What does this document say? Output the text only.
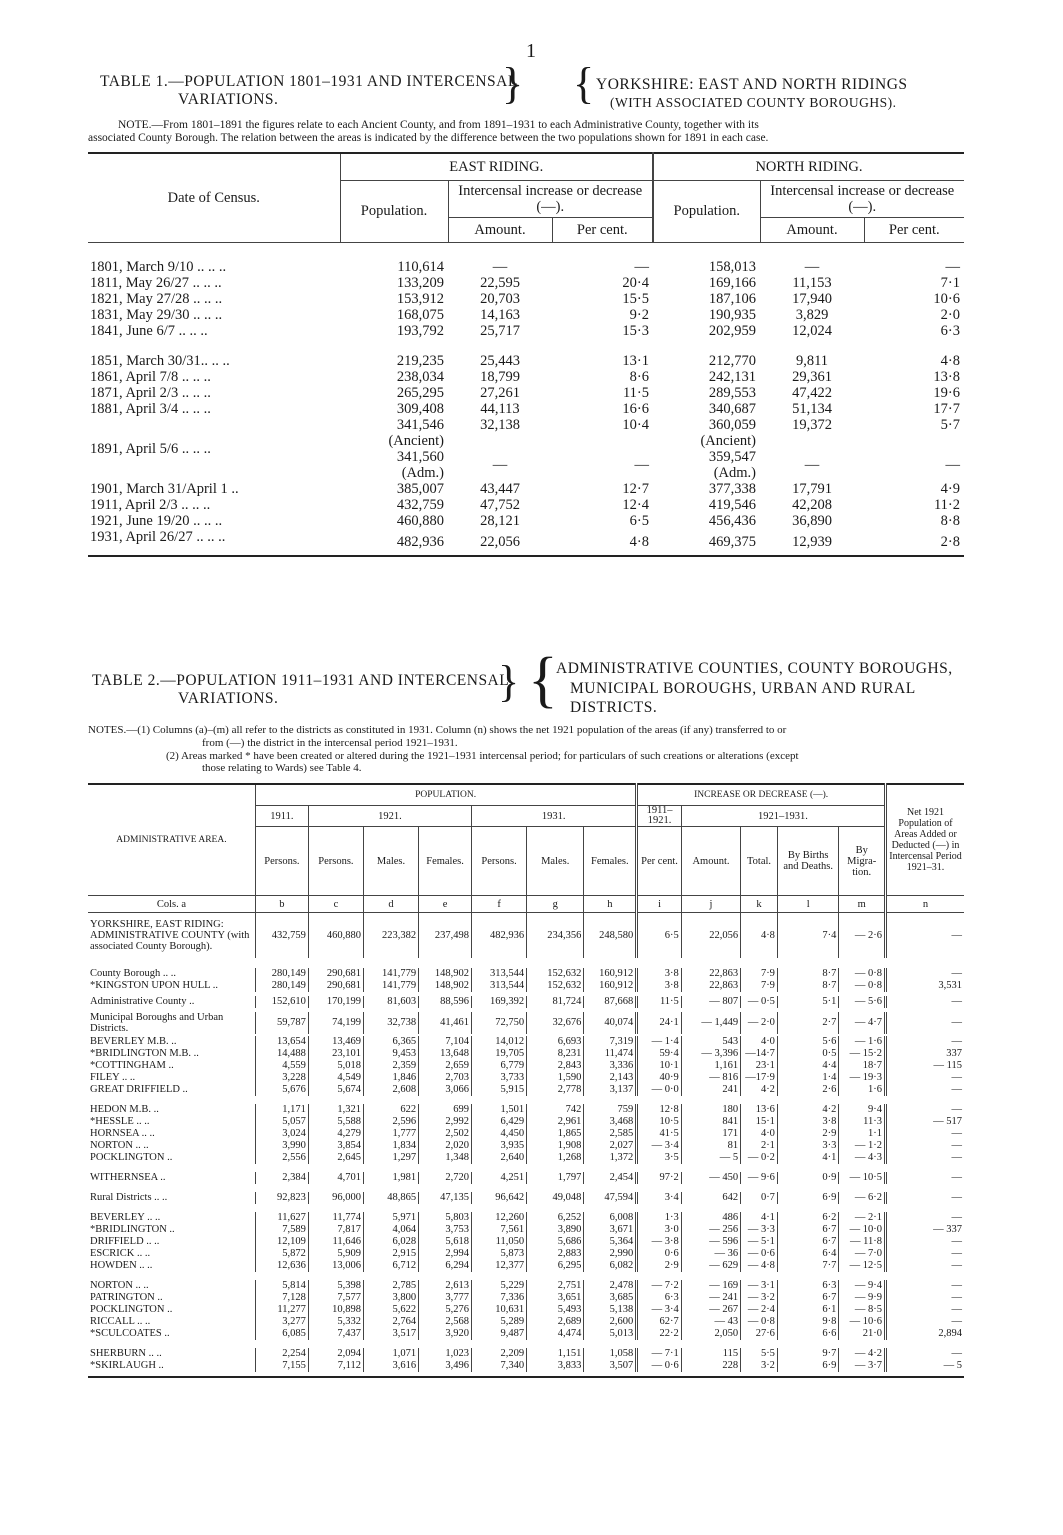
1
TABLE 1.—POPULATION 1801–1931 AND INTERCENSAL
VARIATIONS.	} { YORKSHIRE: EAST AND NORTH RIDINGS
(WITH ASSOCIATED COUNTY BOROUGHS).
NOTE.—From 1801–1891 the figures relate to each Ancient County, and from 1891–1931 to each Administrative County, together with its
associated County Borough. The relation between the areas is indicated by the difference between the two populations shown for 1891 in each case.
Date of Census.	EAST RIDING.			NORTH RIDING.		
	Population.	Intercensal increase or decrease (—).		Population.	Intercensal increase or decrease (—).	
		Amount.	Per cent.		Amount.	Per cent.

1801, March 9/10 .. .. ..	110,614	—	—	158,013	—	—
1811, May 26/27 .. .. ..	133,209	22,595	20·4	169,166	11,153	7·1
1821, May 27/28 .. .. ..	153,912	20,703	15·5	187,106	17,940	10·6
1831, May 29/30 .. .. ..	168,075	14,163	9·2	190,935	3,829	2·0
1841, June 6/7 .. .. ..	193,792	25,717	15·3	202,959	12,024	6·3

1851, March 30/31.. .. ..	219,235	25,443	13·1	212,770	9,811	4·8
1861, April 7/8 .. .. ..	238,034	18,799	8·6	242,131	29,361	13·8
1871, April 2/3 .. .. ..	265,295	27,261	11·5	289,553	47,422	19·6
1881, April 3/4 .. .. ..	309,408	44,113	16·6	340,687	51,134	17·7
1891, April 5/6 .. .. ..	341,546	32,138	10·4	360,059	19,372	5·7
	(Ancient)			(Ancient)		
	341,560	—	—	359,547	—	—
	(Adm.)			(Adm.)		
1901, March 31/April 1 ..	385,007	43,447	12·7	377,338	17,791	4·9
1911, April 2/3 .. .. ..	432,759	47,752	12·4	419,546	42,208	11·2
1921, June 19/20 .. .. ..	460,880	28,121	6·5	456,436	36,890	8·8
1931, April 26/27 .. .. ..	482,936	22,056	4·8	469,375	12,939	2·8
TABLE 2.—POPULATION 1911–1931 AND INTERCENSAL
VARIATIONS.	} {
ADMINISTRATIVE COUNTIES, COUNTY BOROUGHS,
MUNICIPAL BOROUGHS, URBAN AND RURAL
DISTRICTS.
NOTES.—(1) Columns (a)–(m) all refer to the districts as constituted in 1931. Column (n) shows the net 1921 population of the areas (if any) transferred to or
from (—) the district in the intercensal period 1921–1931.
(2) Areas marked * have been created or altered during the 1921–1931 intercensal period; for particulars of such creations or alterations (except
those relating to Wards) see Table 4.
ADMINISTRATIVE AREA.	POPULATION.							INCREASE OR DECREASE (—).					Net 1921 Population of Areas Added or Deducted (—) in Intercensal Period 1921–31.
	1911.	1921.			1931.			1911–1921.	1921–1931.				
	Persons.	Persons.	Males.	Females.	Persons.	Males.	Females.	Per cent.	Amount.	Total.	By Births and Deaths.	By Migra- tion.	
Cols. a	b	c	d	e	f	g	h	i	j	k	l	m	n
YORKSHIRE, EAST RIDING: ADMINISTRATIVE COUNTY (with associated County Borough).	432,759	460,880	223,382	237,498	482,936	234,356	248,580	6·5	22,056	4·8	7·4	— 2·6	—

County Borough .. ..	280,149	290,681	141,779	148,902	313,544	152,632	160,912	3·8	22,863	7·9	8·7	— 0·8	—
*KINGSTON UPON HULL ..	280,149	290,681	141,779	148,902	313,544	152,632	160,912	3·8	22,863	7·9	8·7	— 0·8	3,531

Administrative County ..	152,610	170,199	81,603	88,596	169,392	81,724	87,668	11·5	— 807	— 0·5	5·1	— 5·6	—

Municipal Boroughs and Urban Districts.	59,787	74,199	32,738	41,461	72,750	32,676	40,074	24·1	— 1,449	— 2·0	2·7	— 4·7	—

BEVERLEY M.B. ..	13,654	13,469	6,365	7,104	14,012	6,693	7,319	— 1·4	543	4·0	5·6	— 1·6	—
*BRIDLINGTON M.B. ..	14,488	23,101	9,453	13,648	19,705	8,231	11,474	59·4	— 3,396	—14·7	0·5	— 15·2	337
*COTTINGHAM ..	4,559	5,018	2,359	2,659	6,779	2,843	3,336	10·1	1,161	23·1	4·4	18·7	— 115
FILEY .. ..	3,228	4,549	1,846	2,703	3,733	1,590	2,143	40·9	— 816	—17·9	1·4	— 19·3	—
GREAT DRIFFIELD ..	5,676	5,674	2,608	3,066	5,915	2,778	3,137	— 0·0	241	4·2	2·6	1·6	—

HEDON M.B. ..	1,171	1,321	622	699	1,501	742	759	12·8	180	13·6	4·2	9·4	—
*HESSLE .. ..	5,057	5,588	2,596	2,992	6,429	2,961	3,468	10·5	841	15·1	3·8	11·3	— 517
HORNSEA .. ..	3,024	4,279	1,777	2,502	4,450	1,865	2,585	41·5	171	4·0	2·9	1·1	—
NORTON .. ..	3,990	3,854	1,834	2,020	3,935	1,908	2,027	— 3·4	81	2·1	3·3	— 1·2	—
POCKLINGTON ..	2,556	2,645	1,297	1,348	2,640	1,268	1,372	3·5	— 5	— 0·2	4·1	— 4·3	—

WITHERNSEA ..	2,384	4,701	1,981	2,720	4,251	1,797	2,454	97·2	— 450	— 9·6	0·9	— 10·5	—

Rural Districts .. ..	92,823	96,000	48,865	47,135	96,642	49,048	47,594	3·4	642	0·7	6·9	— 6·2	—

BEVERLEY .. ..	11,627	11,774	5,971	5,803	12,260	6,252	6,008	1·3	486	4·1	6·2	— 2·1	—
*BRIDLINGTON ..	7,589	7,817	4,064	3,753	7,561	3,890	3,671	3·0	— 256	— 3·3	6·7	— 10·0	— 337
DRIFFIELD .. ..	12,109	11,646	6,028	5,618	11,050	5,686	5,364	— 3·8	— 596	— 5·1	6·7	— 11·8	—
ESCRICK .. ..	5,872	5,909	2,915	2,994	5,873	2,883	2,990	0·6	— 36	— 0·6	6·4	— 7·0	—
HOWDEN .. ..	12,636	13,006	6,712	6,294	12,377	6,295	6,082	2·9	— 629	— 4·8	7·7	— 12·5	—

NORTON .. ..	5,814	5,398	2,785	2,613	5,229	2,751	2,478	— 7·2	— 169	— 3·1	6·3	— 9·4	—
PATRINGTON ..	7,128	7,577	3,800	3,777	7,336	3,651	3,685	6·3	— 241	— 3·2	6·7	— 9·9	—
POCKLINGTON ..	11,277	10,898	5,622	5,276	10,631	5,493	5,138	— 3·4	— 267	— 2·4	6·1	— 8·5	—
RICCALL .. ..	3,277	5,332	2,764	2,568	5,289	2,689	2,600	62·7	— 43	— 0·8	9·8	— 10·6	—
*SCULCOATES ..	6,085	7,437	3,517	3,920	9,487	4,474	5,013	22·2	2,050	27·6	6·6	21·0	2,894

SHERBURN .. ..	2,254	2,094	1,071	1,023	2,209	1,151	1,058	— 7·1	115	5·5	9·7	— 4·2	—
*SKIRLAUGH ..	7,155	7,112	3,616	3,496	7,340	3,833	3,507	— 0·6	228	3·2	6·9	— 3·7	— 5
